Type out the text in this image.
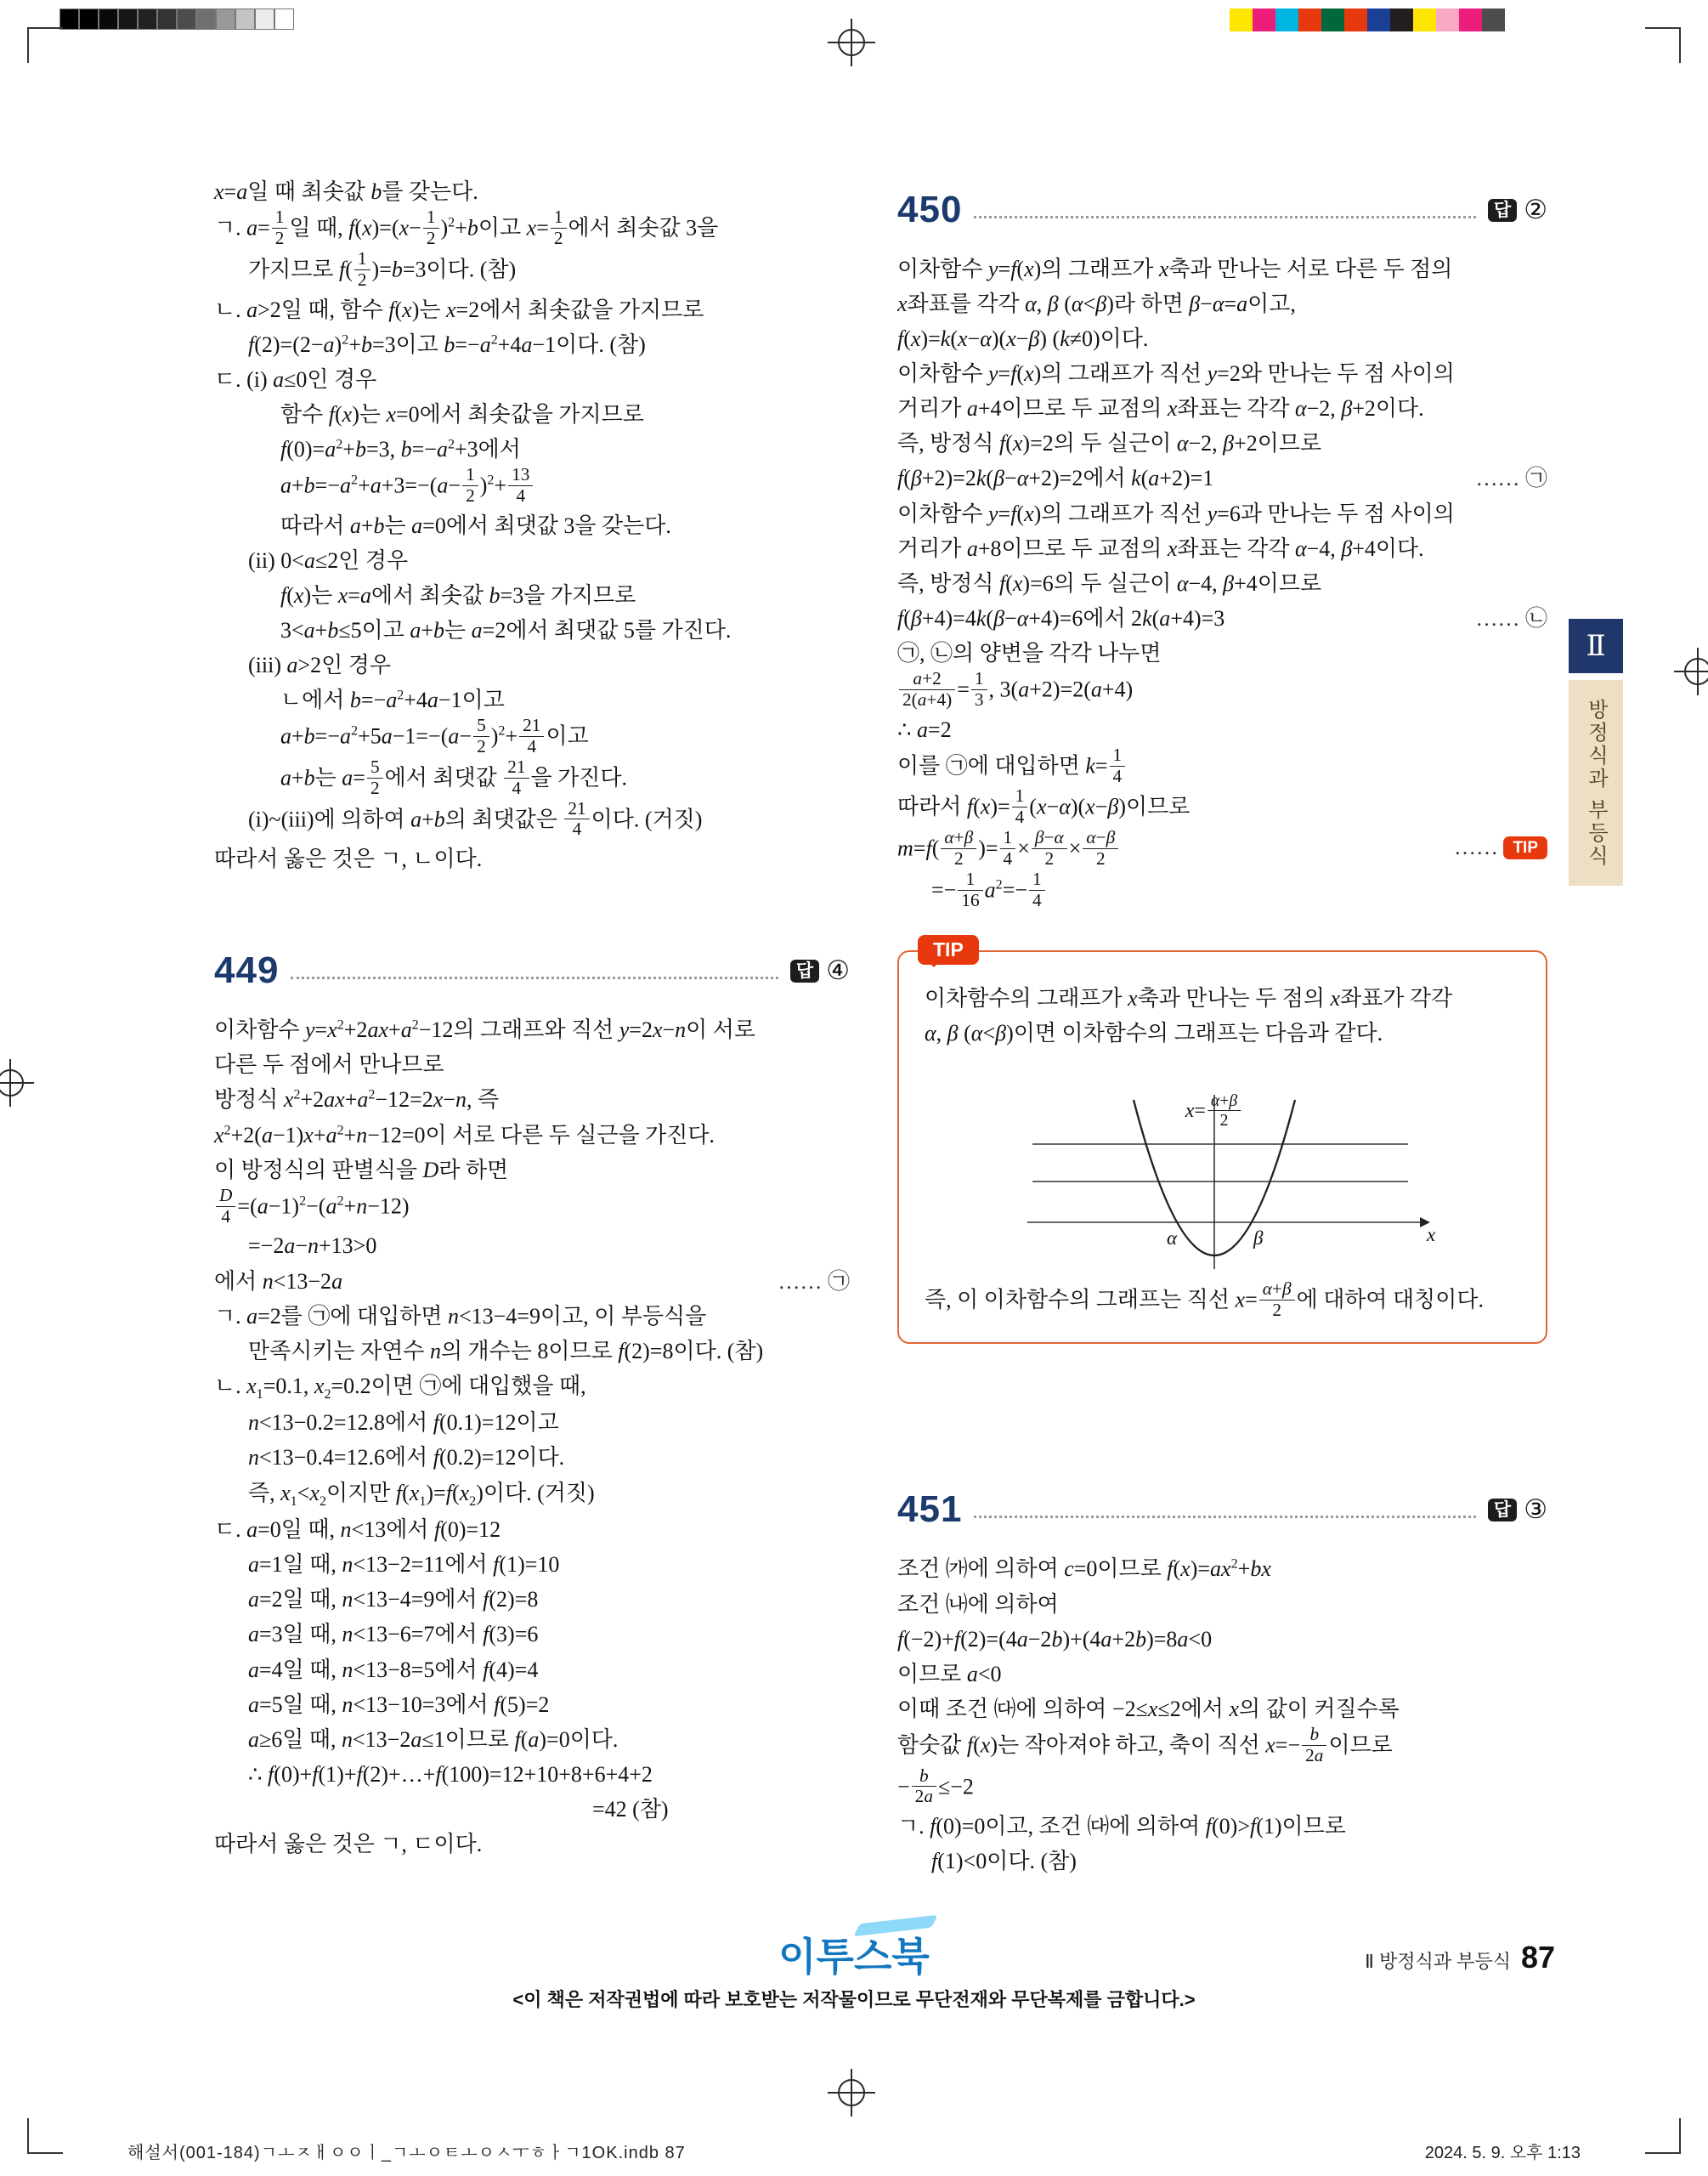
x=a일 때 최솟값 b를 갖는다.
ㄱ. $a= \frac{1}{2}$ 일 때, $f(x)=(x- \frac{1}{2} )^2+b$이고 $x= \frac{1}{2}$ 에서 최솟값 3을
가지므로 $f( \frac{1}{2} )=b=3$이다. (참)
ㄴ. a>2일 때, 함수 f(x)는 x=2에서 최솟값을 가지므로
$f(2)=(2-a)^2+b=3$이고 $b=-a^2+4a-1$이다. (참)
ㄷ. (i) a≤0인 경우
함수 f(x)는 x=0에서 최솟값을 가지므로
$f(0)=a^2+b=3$, $b=-a^2+3$에서
$a+b=-a^2+a+3=-(a- \frac{1}{2} )^2+ \frac{13}{4}$
따라서 a+b는 a=0에서 최댓값 3을 갖는다.
(ii) 0<a≤2인 경우
f(x)는 x=a에서 최솟값 b=3을 가지므로
3<a+b≤5이고 a+b는 a=2에서 최댓값 5를 가진다.
(iii) a>2인 경우
ㄴ에서 $b=-a^2+4a-1$이고
$a+b=-a^2+5a-1=-(a- \frac{5}{2} )^2+ \frac{21}{4}$ 이고
a+b는 $a= \frac{5}{2}$ 에서 최댓값 $\frac{21}{4}$ 을 가진다.
(i)~(iii)에 의하여 a+b의 최댓값은 $\frac{21}{4}$ 이다. (거짓)
따라서 옳은 것은 ㄱ, ㄴ이다.
449	답 ④
이차함수 $y=x^2+2ax+a^2-12$의 그래프와 직선 y=2x−n이 서로
다른 두 점에서 만나므로
방정식 $x^2+2ax+a^2-12=2x-n$, 즉
$x^2+2(a-1)x+a^2+n-12=0$이 서로 다른 두 실근을 가진다.
이 방정식의 판별식을 D라 하면
$\frac{D}{4} =(a-1)^2-(a^2+n-12)$
=−2a−n+13>0
에서 n<13−2a	…… ㉠
ㄱ. a=2를 ㉠에 대입하면 n<13−4=9이고, 이 부등식을
만족시키는 자연수 n의 개수는 8이므로 f(2)=8이다. (참)
ㄴ. $x_1=0.1$, $x_2=0.2$이면 ㉠에 대입했을 때,
n<13−0.2=12.8에서 f(0.1)=12이고
n<13−0.4=12.6에서 f(0.2)=12이다.
즉, $x_1<x_2$이지만 $f(x_1)=f(x_2)$이다. (거짓)
ㄷ. a=0일 때, n<13에서 f(0)=12
a=1일 때, n<13−2=11에서 f(1)=10
a=2일 때, n<13−4=9에서 f(2)=8
a=3일 때, n<13−6=7에서 f(3)=6
a=4일 때, n<13−8=5에서 f(4)=4
a=5일 때, n<13−10=3에서 f(5)=2
a≥6일 때, n<13−2a≤1이므로 f(a)=0이다.
∴ f(0)+f(1)+f(2)+…+f(100)=12+10+8+6+4+2
=42 (참)
따라서 옳은 것은 ㄱ, ㄷ이다.
450	답 ②
이차함수 y=f(x)의 그래프가 x축과 만나는 서로 다른 두 점의
x좌표를 각각 α, β (α<β)라 하면 β−α=a이고,
f(x)=k(x−α)(x−β) (k≠0)이다.
이차함수 y=f(x)의 그래프가 직선 y=2와 만나는 두 점 사이의
거리가 a+4이므로 두 교점의 x좌표는 각각 α−2, β+2이다.
즉, 방정식 f(x)=2의 두 실근이 α−2, β+2이므로
f(β+2)=2k(β−α+2)=2에서 k(a+2)=1	…… ㉠
이차함수 y=f(x)의 그래프가 직선 y=6과 만나는 두 점 사이의
거리가 a+8이므로 두 교점의 x좌표는 각각 α−4, β+4이다.
즉, 방정식 f(x)=6의 두 실근이 α−4, β+4이므로
f(β+4)=4k(β−α+4)=6에서 2k(a+4)=3	…… ㉡
㉠, ㉡의 양변을 각각 나누면
$\frac{a+2}{2(a+4)} = \frac{1}{3}$ , 3(a+2)=2(a+4)
∴ a=2
이를 ㉠에 대입하면 $k= \frac{1}{4}$
따라서 $f(x)= \frac{1}{4} (x-\alpha)(x-\beta)$이므로
$m=f( \frac{\alpha+\beta}{2}$ )= $\frac{1}{4} \times \frac{\beta-\alpha}{2} \times \frac{\alpha-\beta}{2}$	…… TIP
=− $\frac{1}{16} a^2=- \frac{1}{4}$
TIP
이차함수의 그래프가 x축과 만나는 두 점의 x좌표가 각각
α, β (α<β)이면 이차함수의 그래프는 다음과 같다.
$x= \frac{\alpha+\beta}{2}$
α	β	x
즉, 이 이차함수의 그래프는 직선 $x= \frac{\alpha+\beta}{2}$ 에 대하여 대칭이다.
451	답 ③
조건 ㈎에 의하여 c=0이므로 $f(x)=ax^2+bx$
조건 ㈏에 의하여
f(−2)+f(2)=(4a−2b)+(4a+2b)=8a<0
이므로 a<0
이때 조건 ㈐에 의하여 −2≤x≤2에서 x의 값이 커질수록
함숫값 f(x)는 작아져야 하고, 축이 직선 $x=- \frac{b}{2a}$ 이므로
− $\frac{b}{2a} \le-2$
ㄱ. f(0)=0이고, 조건 ㈐에 의하여 f(0)>f(1)이므로
f(1)<0이다. (참)
Ⅱ
방정식과 부등식
이투스북
<이 책은 저작권법에 따라 보호받는 저작물이므로 무단전재와 무단복제를 금합니다.>
Ⅱ 방정식과 부등식 87
해설서(001-184)ㄱㅗㅈㅐㅇㅇㅣ_ㄱㅗㅇㅌㅗㅇㅅㅜㅎㅏㄱ1OK.indb 87	2024. 5. 9. 오후 1:13
